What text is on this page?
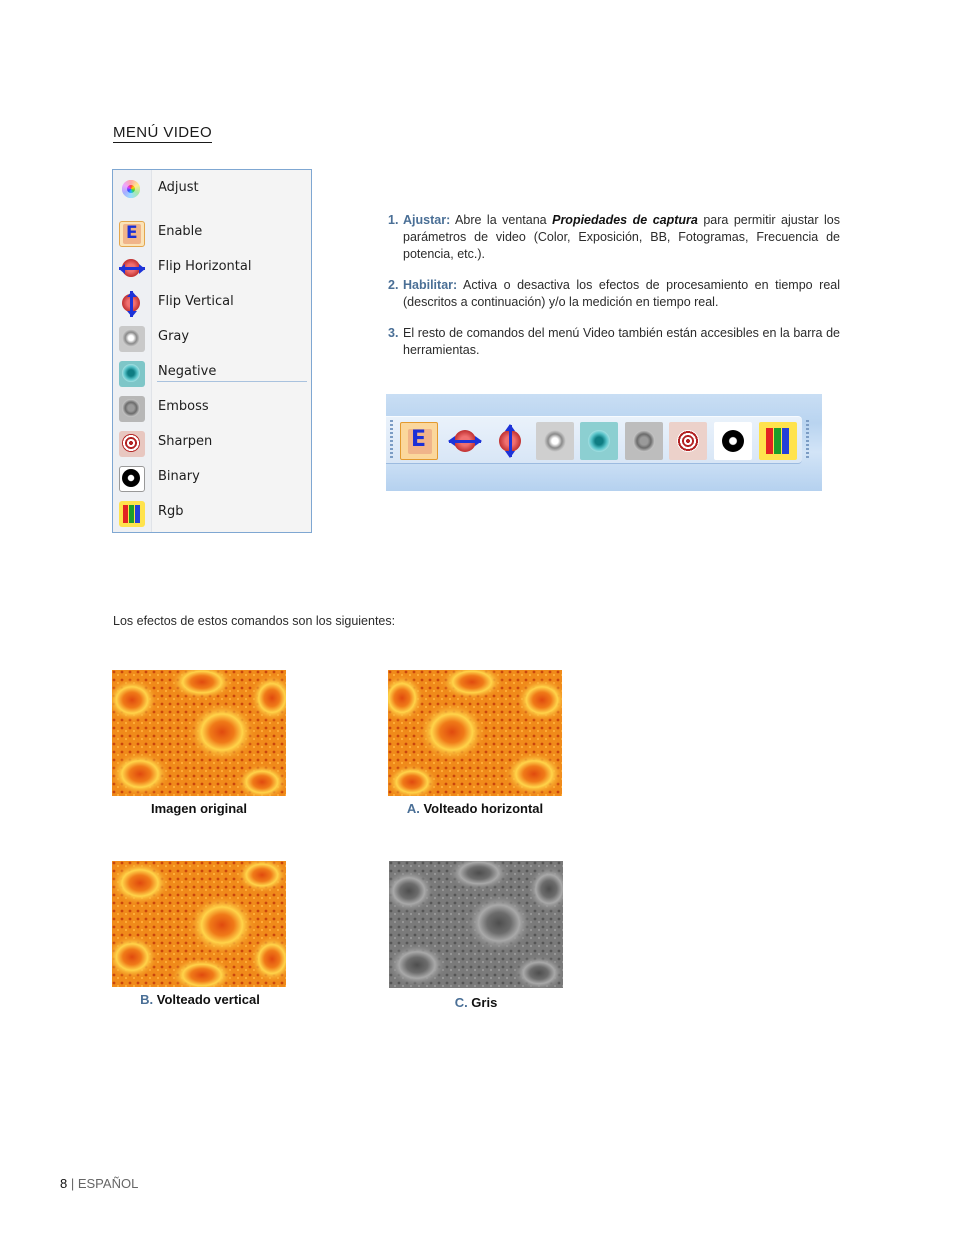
MENÚ VIDEO
Adjust
E Enable
Flip Horizontal
Flip Vertical
Gray
Negative
Emboss
Sharpen
Binary
Rgb
1. Ajustar: Abre la ventana Propiedades de captura para permitir ajustar los parámetros de video (Color, Exposición, BB, Fotogramas, Frecuencia de potencia, etc.).
2. Habilitar: Activa o desactiva los efectos de procesamiento en tiempo real (descritos a continuación) y/o la medición en tiempo real.
3. El resto de comandos del menú Video también están accesibles en la barra de herramientas.
E
Los efectos de estos comandos son los siguientes:
Imagen original	A. Volteado horizontal
B. Volteado vertical	C. Gris
8 | ESPAÑOL
